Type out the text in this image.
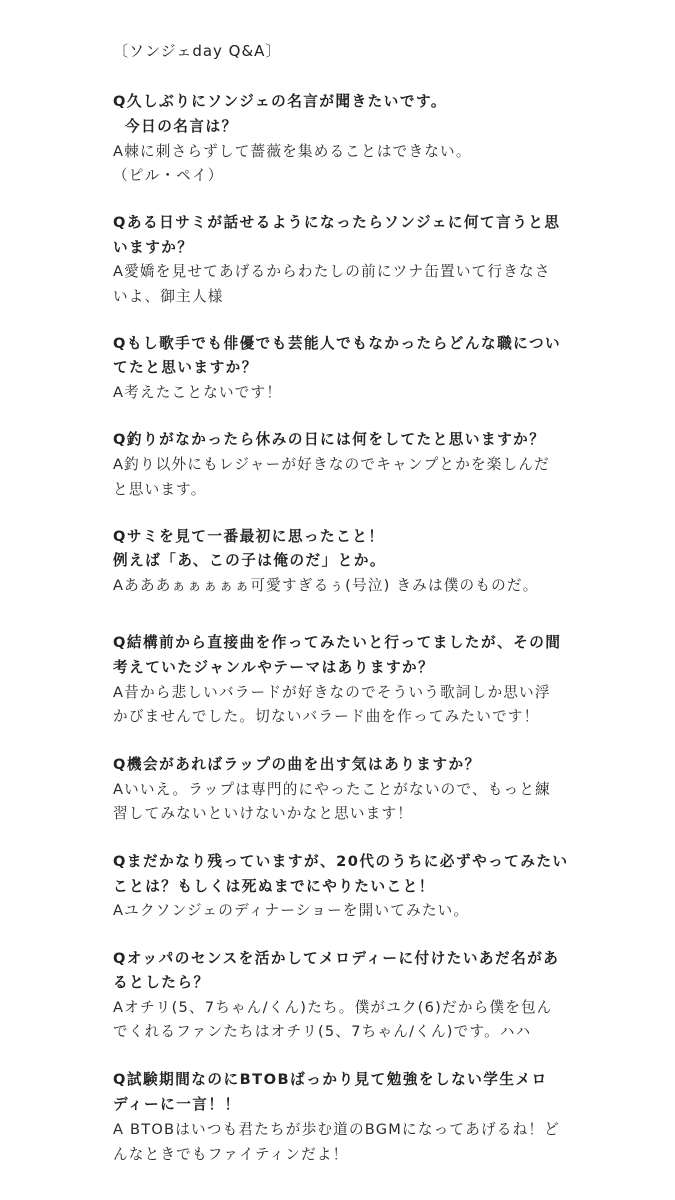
〔ソンジェday Q&A〕
Q久しぶりにソンジェの名言が聞きたいです。
今日の名言は？
A棘に刺さらずして薔薇を集めることはできない。
（ピル・ペイ）
Qある日サミが話せるようになったらソンジェに何て言うと思
いますか？
A愛嬌を見せてあげるからわたしの前にツナ缶置いて行きなさ
いよ、御主人様
Qもし歌手でも俳優でも芸能人でもなかったらどんな職につい
てたと思いますか？
A考えたことないです！
Q釣りがなかったら休みの日には何をしてたと思いますか？
A釣り以外にもレジャーが好きなのでキャンプとかを楽しんだ
と思います。
Qサミを見て一番最初に思ったこと！
例えば「あ、この子は俺のだ」とか。
Aあああぁぁぁぁぁ可愛すぎるぅ(号泣) きみは僕のものだ。
Q結構前から直接曲を作ってみたいと行ってましたが、その間
考えていたジャンルやテーマはありますか？
A昔から悲しいバラードが好きなのでそういう歌詞しか思い浮
かびませんでした。切ないバラード曲を作ってみたいです！
Q機会があればラップの曲を出す気はありますか？
Aいいえ。ラップは専門的にやったことがないので、もっと練
習してみないといけないかなと思います！
Qまだかなり残っていますが、20代のうちに必ずやってみたい
ことは？もしくは死ぬまでにやりたいこと！
Aユクソンジェのディナーショーを開いてみたい。
Qオッパのセンスを活かしてメロディーに付けたいあだ名があ
るとしたら？
Aオチリ(5、7ちゃん/くん)たち。僕がユク(6)だから僕を包ん
でくれるファンたちはオチリ(5、7ちゃん/くん)です。ハハ
Q試験期間なのにBTOBばっかり見て勉強をしない学生メロ
ディーに一言！！
A BTOBはいつも君たちが歩む道のBGMになってあげるね！ど
んなときでもファイティンだよ！
